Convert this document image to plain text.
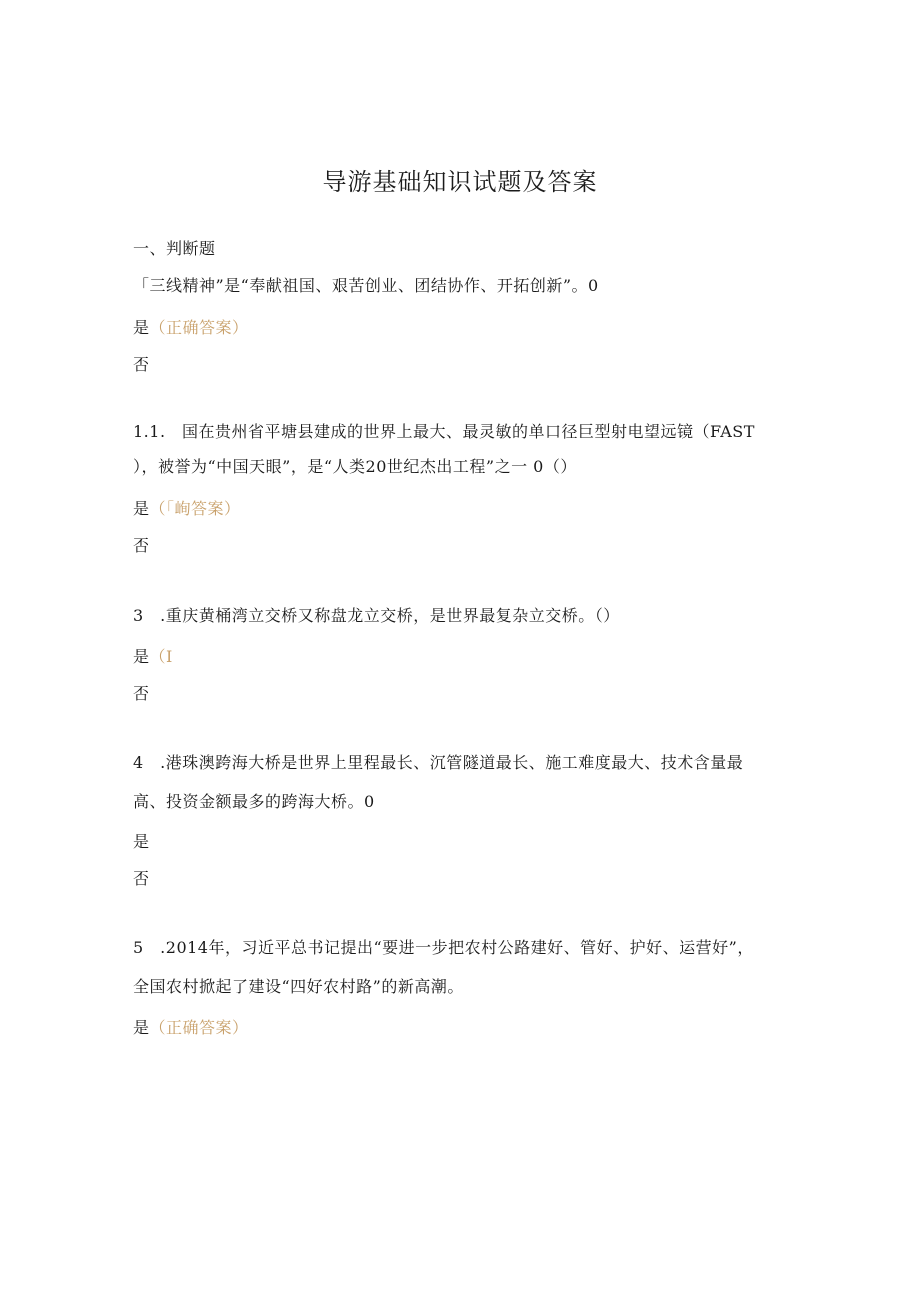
导游基础知识试题及答案
一、判断题
「三线精神”是“奉献祖国、艰苦创业、团结协作、开拓创新”。0
是（正确答案）
否
1.1.　国在贵州省平塘县建成的世界上最大、最灵敏的单口径巨型射电望远镜（FAST
），被誉为“中国天眼”，是“人类20世纪杰出工程”之一 0（）
是（「峋答案）
否
3　.重庆黄桶湾立交桥又称盘龙立交桥，是世界最复杂立交桥。（）
是（I
否
4　.港珠澳跨海大桥是世界上里程最长、沉管隧道最长、施工难度最大、技术含量最
高、投资金额最多的跨海大桥。0
是
否
5　.2014年，习近平总书记提出“要进一步把农村公路建好、管好、护好、运营好”，
全国农村掀起了建设“四好农村路”的新高潮。
是（正确答案）
